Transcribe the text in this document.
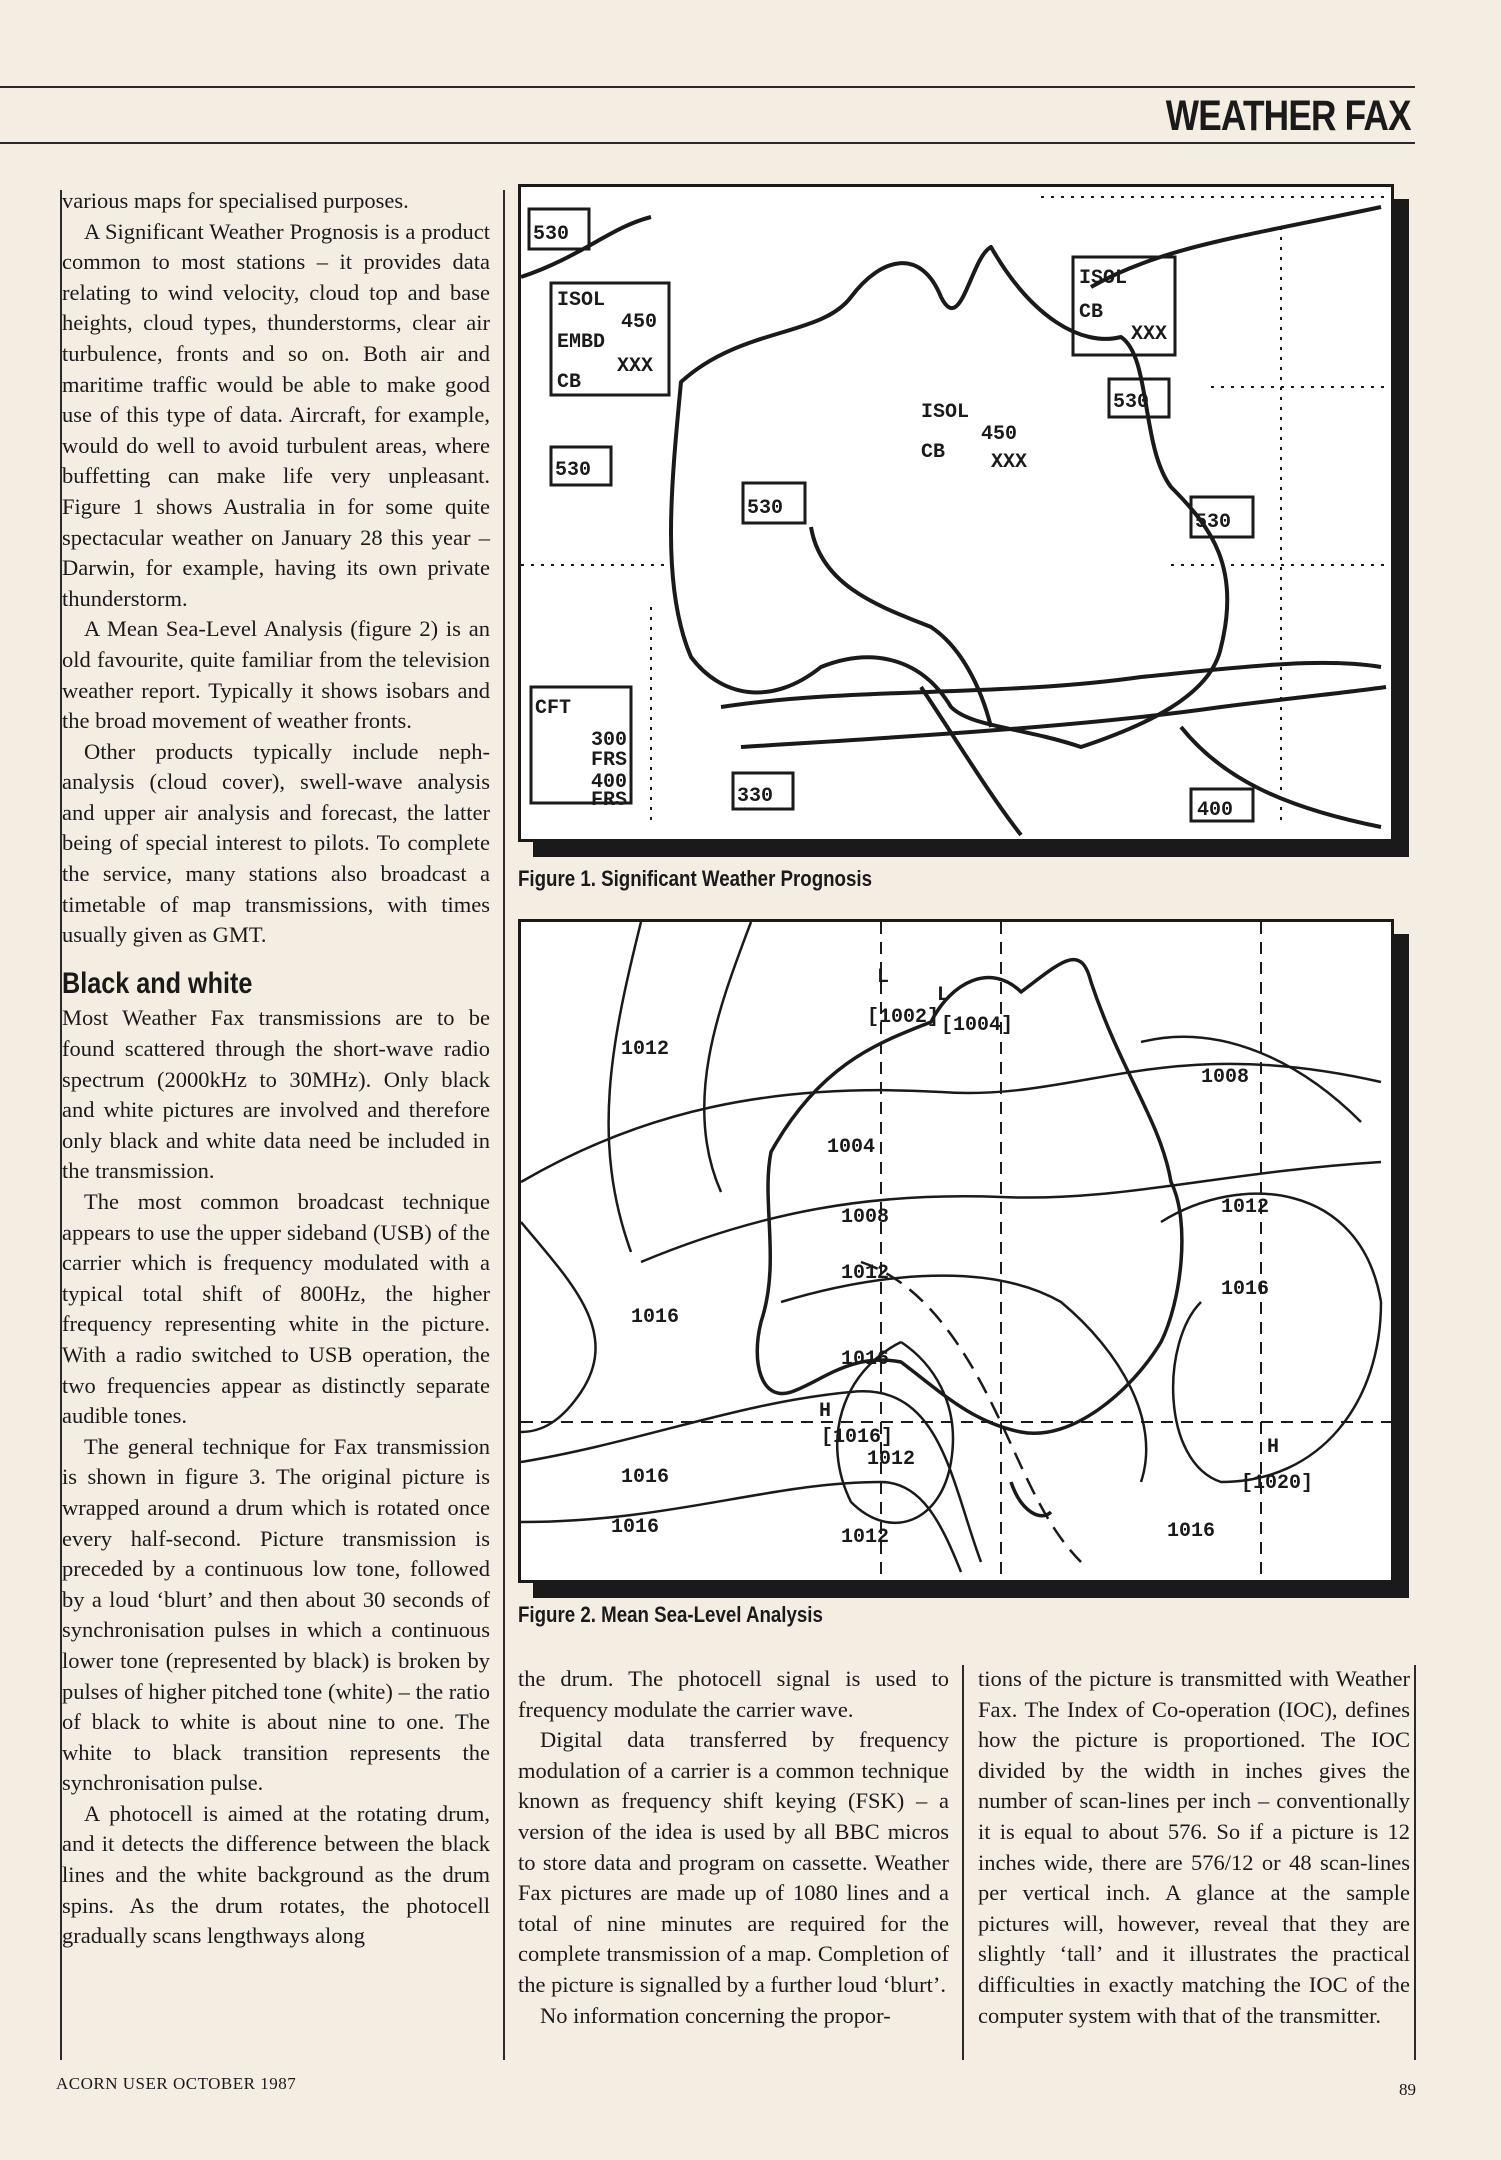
WEATHER FAX

various maps for specialised purposes.

A Significant Weather Prognosis is a product common to most stations – it provides data relating to wind velocity, cloud top and base heights, cloud types, thunderstorms, clear air turbulence, fronts and so on. Both air and maritime traffic would be able to make good use of this type of data. Aircraft, for example, would do well to avoid turbulent areas, where buffetting can make life very unpleasant. Figure 1 shows Australia in for some quite spectacular weather on January 28 this year – Darwin, for example, having its own private thunderstorm.

A Mean Sea-Level Analysis (figure 2) is an old favourite, quite familiar from the television weather report. Typically it shows isobars and the broad movement of weather fronts.

Other products typically include neph-analysis (cloud cover), swell-wave analysis and upper air analysis and forecast, the latter being of special interest to pilots. To complete the service, many stations also broadcast a timetable of map transmissions, with times usually given as GMT.

Black and white

Most Weather Fax transmissions are to be found scattered through the short-wave radio spectrum (2000kHz to 30MHz). Only black and white pictures are involved and therefore only black and white data need be included in the transmission.

The most common broadcast technique appears to use the upper sideband (USB) of the carrier which is frequency modulated with a typical total shift of 800Hz, the higher frequency representing white in the picture. With a radio switched to USB operation, the two frequencies appear as distinctly separate audible tones.

The general technique for Fax transmission is shown in figure 3. The original picture is wrapped around a drum which is rotated once every half-second. Picture transmission is preceded by a continuous low tone, followed by a loud ‘blurt’ and then about 30 seconds of synchronisation pulses in which a continuous lower tone (represented by black) is broken by pulses of higher pitched tone (white) – the ratio of black to white is about nine to one. The white to black transition represents the synchronisation pulse.

A photocell is aimed at the rotating drum, and it detects the difference between the black lines and the white background as the drum spins. As the drum rotates, the photocell gradually scans lengthways along

530
530
530
530
530
330
400
ISOL
EMBD
CB
450
XXX
ISOL
CB
XXX
ISOL
CB
450
XXX
CFT
300
FRS
400
FRS
Figure 1. Significant Weather Prognosis
1012
L
[1002]
L
[1004]
1008
1004
1008
1012
1012
1016
1016
1016
1016
1012
1012
1016
H
[1020]
H
[1016]
1016
Figure 2. Mean Sea-Level Analysis

the drum. The photocell signal is used to frequency modulate the carrier wave.

Digital data transferred by frequency modulation of a carrier is a common technique known as frequency shift keying (FSK) – a version of the idea is used by all BBC micros to store data and program on cassette. Weather Fax pictures are made up of 1080 lines and a total of nine minutes are required for the complete transmission of a map. Completion of the picture is signalled by a further loud ‘blurt’.

No information concerning the propor-

tions of the picture is transmitted with Weather Fax. The Index of Co-operation (IOC), defines how the picture is proportioned. The IOC divided by the width in inches gives the number of scan-lines per inch – conventionally it is equal to about 576. So if a picture is 12 inches wide, there are 576/12 or 48 scan-lines per vertical inch. A glance at the sample pictures will, however, reveal that they are slightly ‘tall’ and it illustrates the practical difficulties in exactly matching the IOC of the computer system with that of the transmitter.

ACORN USER OCTOBER 1987	89
